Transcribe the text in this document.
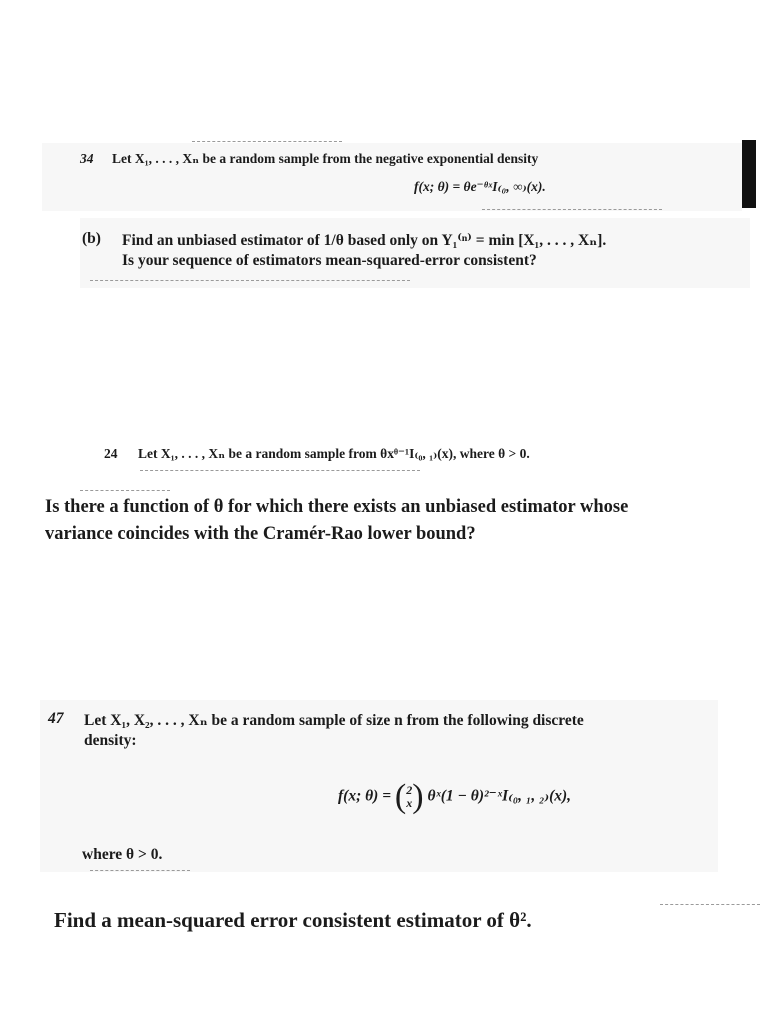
34 Let X₁, . . . , Xₙ be a random sample from the negative exponential density
f(x; θ) = θe⁻ᶿˣI₍₀, ∞₎(x).
(b) Find an unbiased estimator of 1/θ based only on Y₁⁽ⁿ⁾ = min [X₁, . . . , Xₙ].
Is your sequence of estimators mean-squared-error consistent?
24 Let X₁, . . . , Xₙ be a random sample from θxᶿ⁻¹I₍₀, ₁₎(x), where θ > 0.
Is there a function of θ for which there exists an unbiased estimator whose
variance coincides with the Cramér-Rao lower bound?
47 Let X₁, X₂, . . . , Xₙ be a random sample of size n from the following discrete
density:
f(x; θ) = ( 2
x ) θˣ(1 − θ)²⁻ˣI₍₀, ₁, ₂₎(x),
where θ > 0.
Find a mean-squared error consistent estimator of θ².
